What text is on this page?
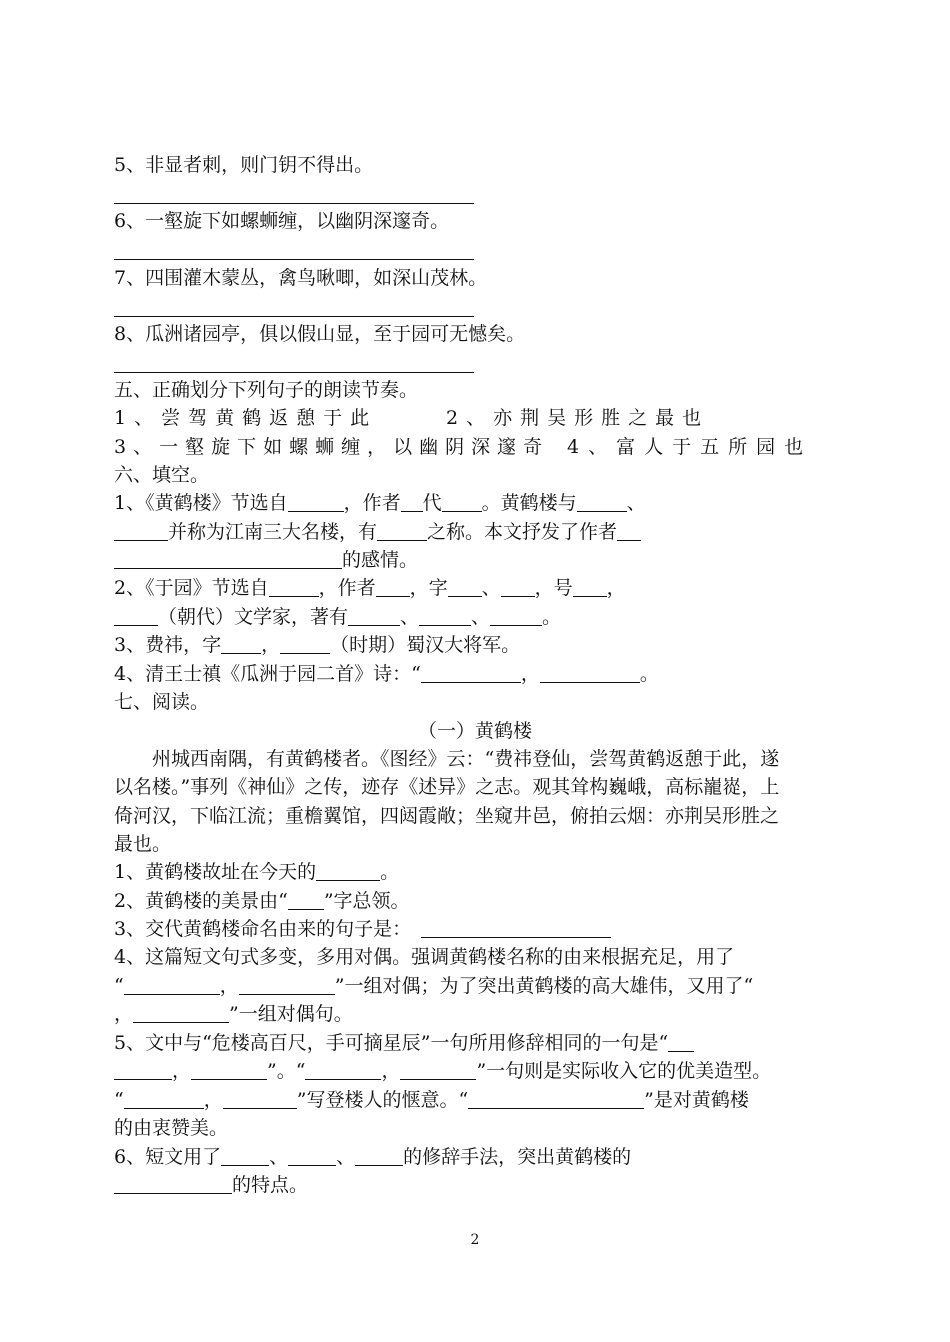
5、非显者刺，则门钥不得出。
6、一壑旋下如螺蛳缠，以幽阴深邃奇。
7、四围灌木蒙丛，禽鸟啾唧，如深山茂林。
8、瓜洲诸园亭，俱以假山显，至于园可无憾矣。
五、正确划分下列句子的朗读节奏。
1、尝驾黄鹤返憩于此	2、亦荆吴形胜之最也
3、一壑旋下如螺蛳缠，以幽阴深邃奇 4、富人于五所园也
六、填空。
1、《黄鹤楼》节选自	，作者 代 。黄鹤楼与	、
并称为江南三大名楼，有	之称。本文抒发了作者
的感情。
2、《于园》节选自	，作者 ，字 、 ，号 ，
（朝代）文学家，著有	、	、	。
3、费祎，字 ，	（时期）蜀汉大将军。
4、清王士禛《瓜洲于园二首》诗：“	，	。
七、阅读。
（一）黄鹤楼
州城西南隅，有黄鹤楼者。《图经》云：“费祎登仙，尝驾黄鹤返憩于此，遂
以名楼。”事列《神仙》之传，迹存《述异》之志。观其耸构巍峨，高标巃嵸，上
倚河汉，下临江流；重檐翼馆，四闼霞敞；坐窥井邑，俯拍云烟：亦荆吴形胜之
最也。
1、黄鹤楼故址在今天的	。
2、黄鹤楼的美景由“ ”字总领。
3、交代黄鹤楼命名由来的句子是：
4、这篇短文句式多变，多用对偶。强调黄鹤楼名称的由来根据充足，用了
“	，	”一组对偶；为了突出黄鹤楼的高大雄伟，又用了“
，	”一组对偶句。
5、文中与“危楼高百尺，手可摘星辰”一句所用修辞相同的一句是“
，	”。“	，	”一句则是实际收入它的优美造型。
“	，	”写登楼人的惬意。“	”是对黄鹤楼
的由衷赞美。
6、短文用了	、	、	的修辞手法，突出黄鹤楼的
的特点。
2
